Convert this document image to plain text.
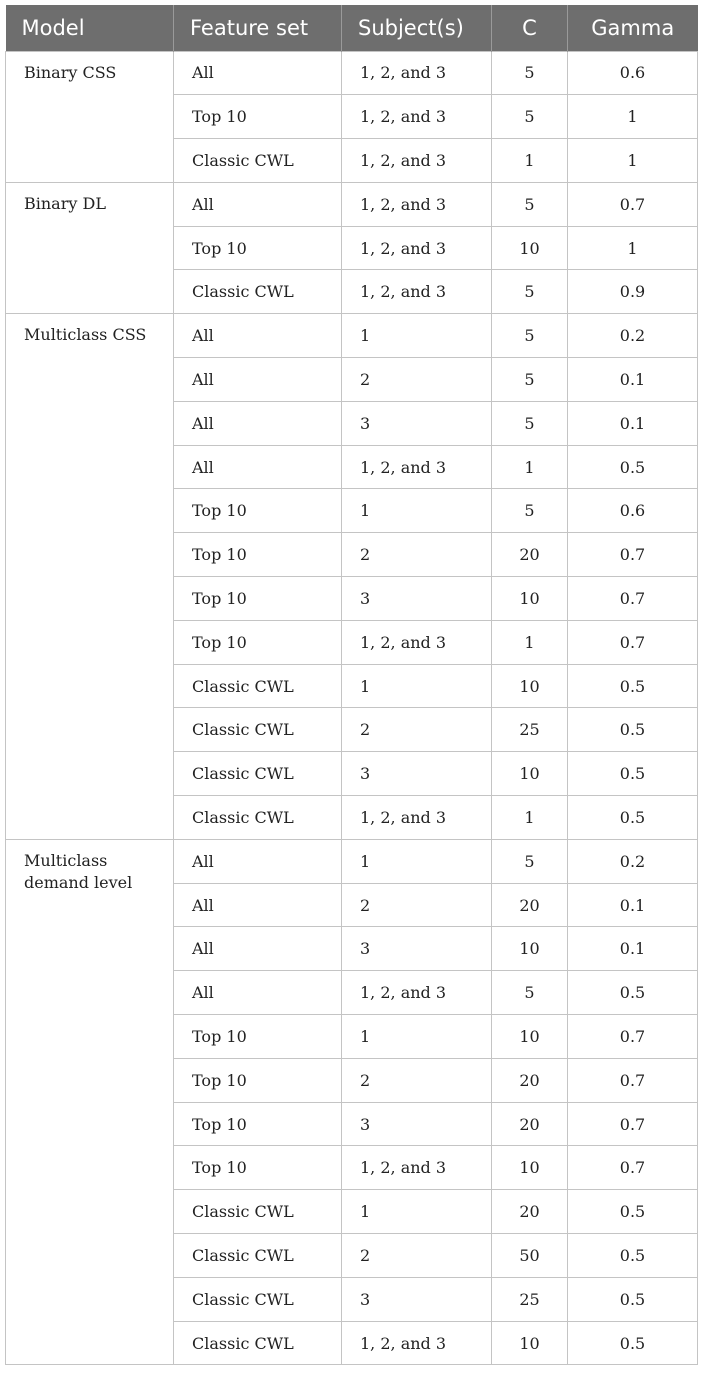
Model	Feature set	Subject(s)	C	Gamma
Binary CSS	All	1, 2, and 3	5	0.6
	Top 10	1, 2, and 3	5	1
	Classic CWL	1, 2, and 3	1	1
Binary DL	All	1, 2, and 3	5	0.7
	Top 10	1, 2, and 3	10	1
	Classic CWL	1, 2, and 3	5	0.9
Multiclass CSS	All	1	5	0.2
	All	2	5	0.1
	All	3	5	0.1
	All	1, 2, and 3	1	0.5
	Top 10	1	5	0.6
	Top 10	2	20	0.7
	Top 10	3	10	0.7
	Top 10	1, 2, and 3	1	0.7
	Classic CWL	1	10	0.5
	Classic CWL	2	25	0.5
	Classic CWL	3	10	0.5
	Classic CWL	1, 2, and 3	1	0.5
Multiclass demand level	All	1	5	0.2
	All	2	20	0.1
	All	3	10	0.1
	All	1, 2, and 3	5	0.5
	Top 10	1	10	0.7
	Top 10	2	20	0.7
	Top 10	3	20	0.7
	Top 10	1, 2, and 3	10	0.7
	Classic CWL	1	20	0.5
	Classic CWL	2	50	0.5
	Classic CWL	3	25	0.5
	Classic CWL	1, 2, and 3	10	0.5
